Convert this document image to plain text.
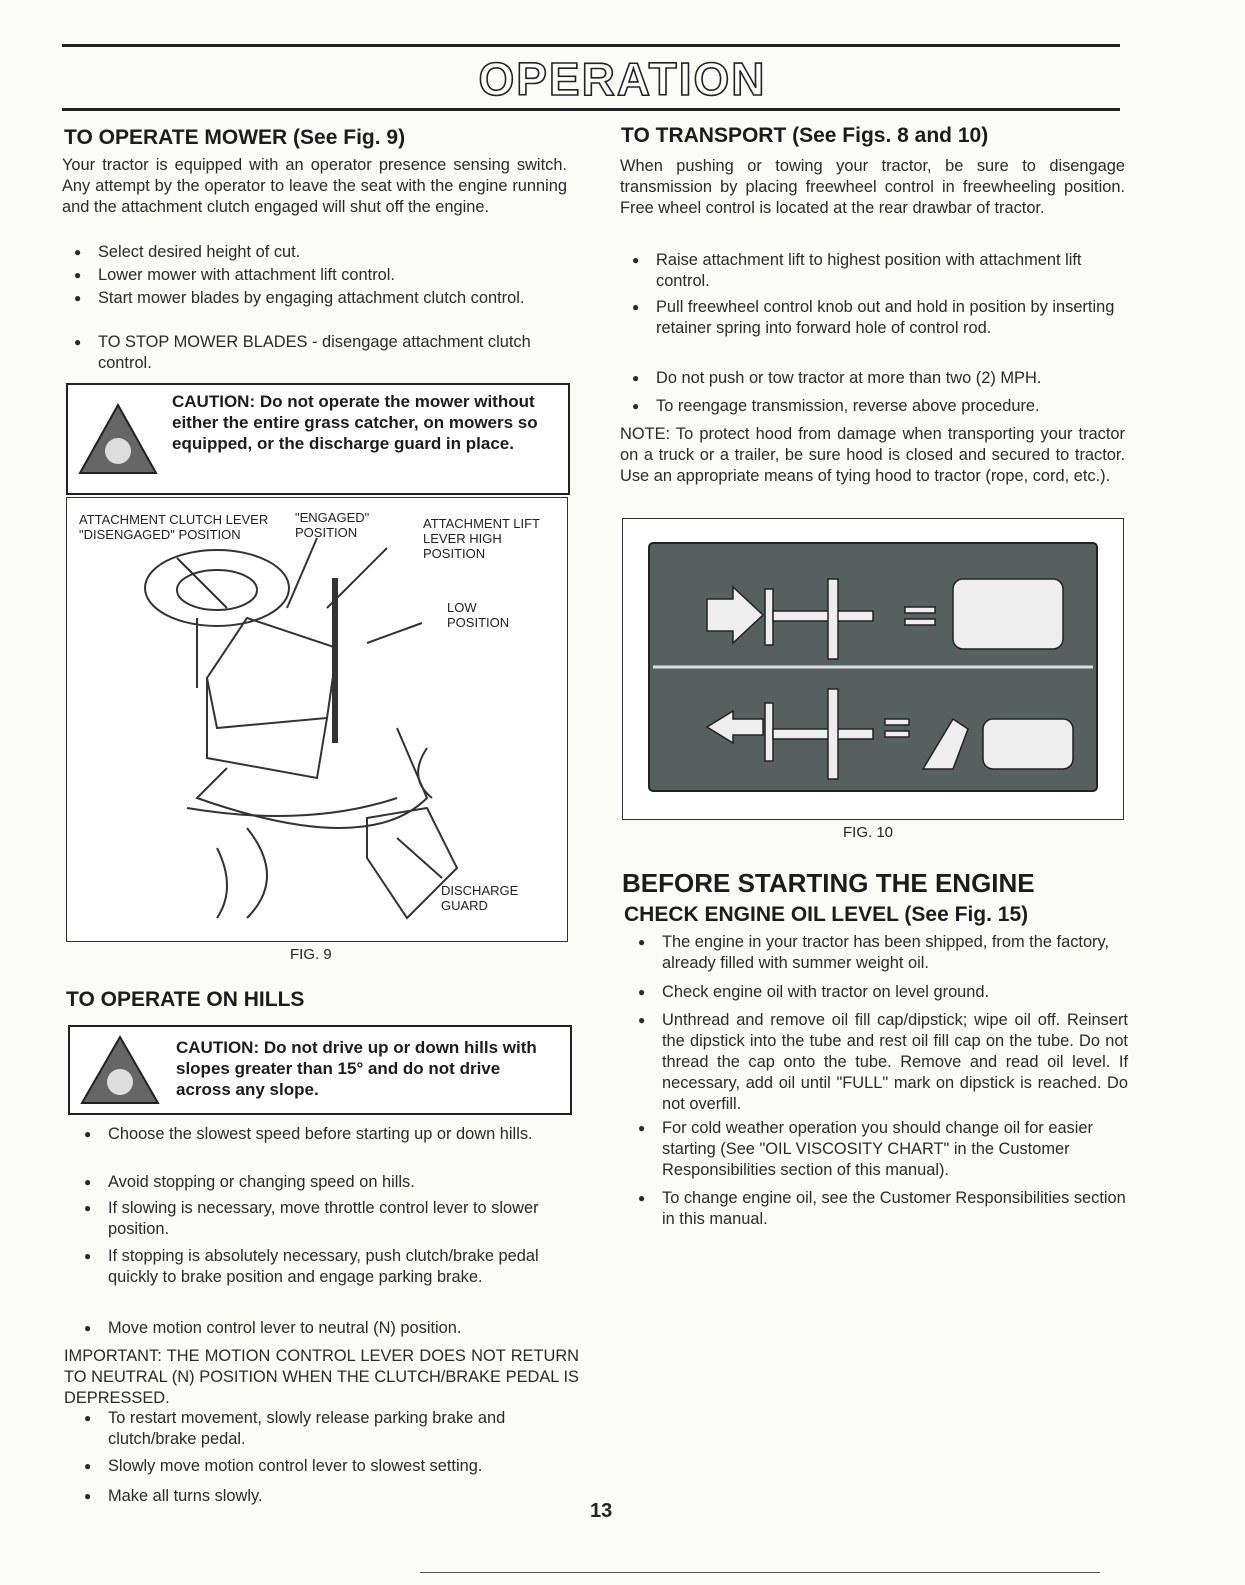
OPERATION
TO OPERATE MOWER (See Fig. 9)

Your tractor is equipped with an operator presence sensing switch. Any attempt by the operator to leave the seat with the engine running and the attachment clutch engaged will shut off the engine.

● Select desired height of cut.
● Lower mower with attachment lift control.
● Start mower blades by engaging attachment clutch control.
● TO STOP MOWER BLADES - disengage attachment clutch control.
CAUTION: Do not operate the mower without either the entire grass catcher, on mowers so equipped, or the discharge guard in place.
ATTACHMENT CLUTCH LEVER "DISENGAGED" POSITION
"ENGAGED" POSITION
ATTACHMENT LIFT LEVER HIGH POSITION
LOW POSITION
DISCHARGE GUARD
FIG. 9
TO OPERATE ON HILLS
CAUTION: Do not drive up or down hills with slopes greater than 15° and do not drive across any slope.
● Choose the slowest speed before starting up or down hills.
● Avoid stopping or changing speed on hills.
● If slowing is necessary, move throttle control lever to slower position.
● If stopping is absolutely necessary, push clutch/brake pedal quickly to brake position and engage parking brake.
● Move motion control lever to neutral (N) position.

IMPORTANT: THE MOTION CONTROL LEVER DOES NOT RETURN TO NEUTRAL (N) POSITION WHEN THE CLUTCH/BRAKE PEDAL IS DEPRESSED.

● To restart movement, slowly release parking brake and clutch/brake pedal.
● Slowly move motion control lever to slowest setting.
● Make all turns slowly.
TO TRANSPORT (See Figs. 8 and 10)

When pushing or towing your tractor, be sure to disengage transmission by placing freewheel control in freewheeling position. Free wheel control is located at the rear drawbar of tractor.

● Raise attachment lift to highest position with attachment lift control.
● Pull freewheel control knob out and hold in position by inserting retainer spring into forward hole of control rod.
● Do not push or tow tractor at more than two (2) MPH.
● To reengage transmission, reverse above procedure.

NOTE: To protect hood from damage when transporting your tractor on a truck or a trailer, be sure hood is closed and secured to tractor. Use an appropriate means of tying hood to tractor (rope, cord, etc.).

FIG. 10
BEFORE STARTING THE ENGINE
CHECK ENGINE OIL LEVEL (See Fig. 15)
● The engine in your tractor has been shipped, from the factory, already filled with summer weight oil.
● Check engine oil with tractor on level ground.
● Unthread and remove oil fill cap/dipstick; wipe oil off. Reinsert the dipstick into the tube and rest oil fill cap on the tube. Do not thread the cap onto the tube. Remove and read oil level. If necessary, add oil until "FULL" mark on dipstick is reached. Do not overfill.
● For cold weather operation you should change oil for easier starting (See "OIL VISCOSITY CHART" in the Customer Responsibilities section of this manual).
● To change engine oil, see the Customer Responsibilities section in this manual.
13
